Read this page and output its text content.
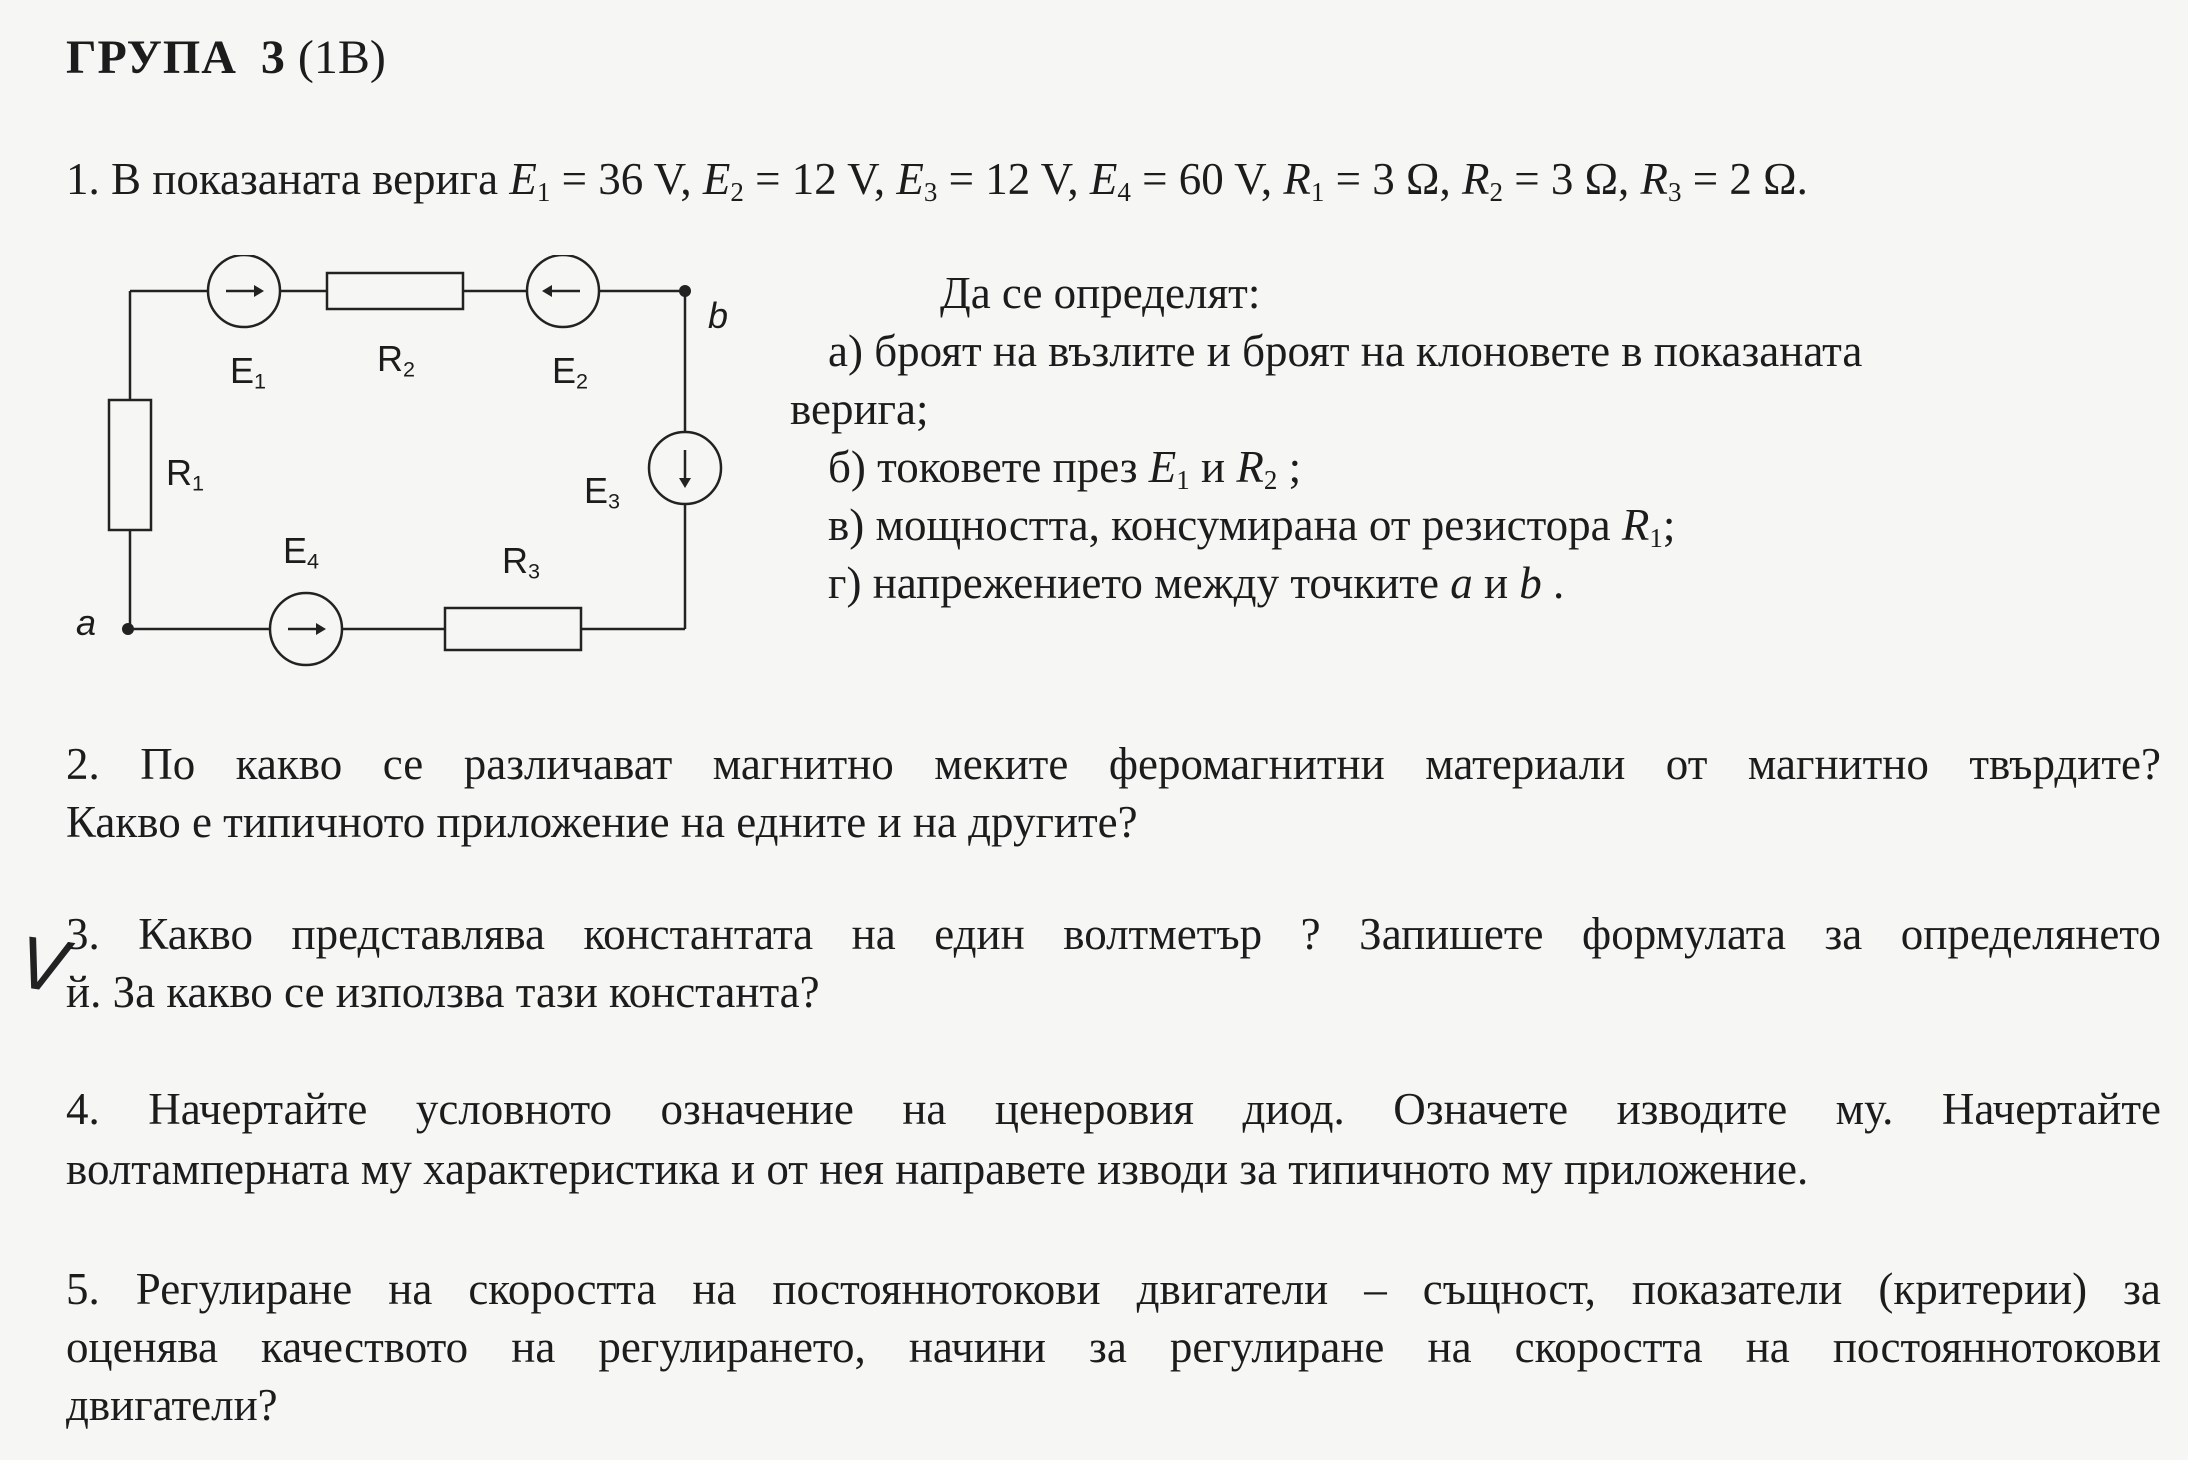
ГРУПА 3 (1В)
1. В показаната верига $E_1 = 36$ V, $E_2 = 12$ V, $E_3 = 12$ V, $E_4 = 60$ V, $R_1 = 3$ Ω, $R_2 = 3$ Ω, $R_3 = 2$ Ω.
$E_1$
$R_2$	$E_2$
$R_1$	$E_3$
$E_4$	$R_3$
b
a
Да се определят:
а) броят на възлите и броят на клоновете в показаната
верига;
б) токовете през $E_1$ и $R_2$ ;
в) мощността, консумирана от резистора $R_1$;
г) напрежението между точките a и b .
2. По какво се различават магнитно меките феромагнитни материали от магнитно твърдите?
Какво е типичното приложение на едните и на другите?
V
3. Какво представлява константата на един волтметър ? Запишете формулата за определянето
й. За какво се използва тази константа?
4. Начертайте условното означение на ценеровия диод. Означете изводите му. Начертайте
волтамперната му характеристика и от нея направете изводи за типичното му приложение.
5. Регулиране на скоростта на постояннотокови двигатели – същност, показатели (критерии) за
оценява качеството на регулирането, начини за регулиране на скоростта на постояннотокови
двигатели?
